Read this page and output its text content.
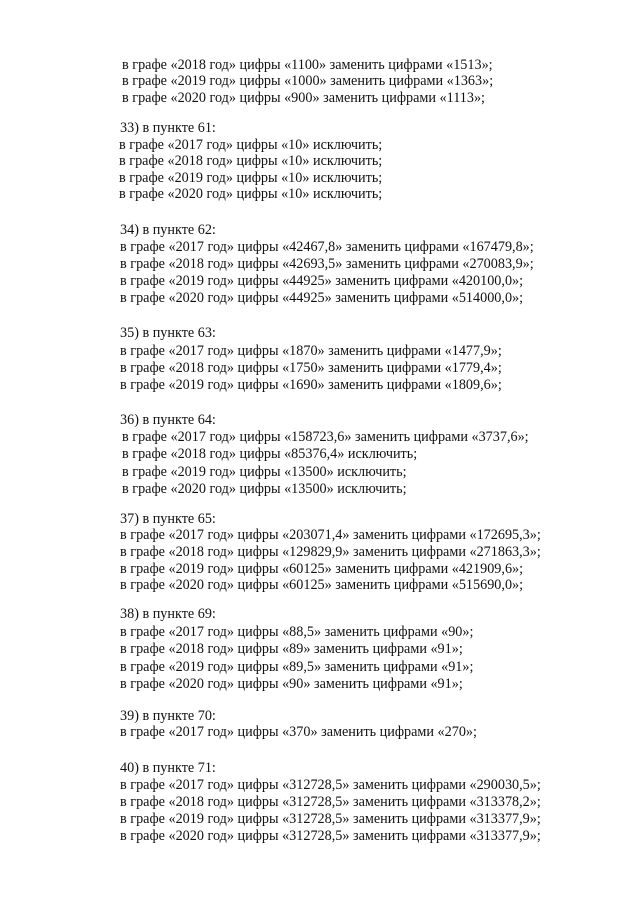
в графе «2018 год» цифры «1100» заменить цифрами «1513»;
в графе «2019 год» цифры «1000» заменить цифрами «1363»;
в графе «2020 год» цифры «900» заменить цифрами «1113»;
33) в пункте 61:
в графе «2017 год» цифры «10» исключить;
в графе «2018 год» цифры «10» исключить;
в графе «2019 год» цифры «10» исключить;
в графе «2020 год» цифры «10» исключить;
34) в пункте 62:
в графе «2017 год» цифры «42467,8» заменить цифрами «167479,8»;
в графе «2018 год» цифры «42693,5» заменить цифрами «270083,9»;
в графе «2019 год» цифры «44925» заменить цифрами «420100,0»;
в графе «2020 год» цифры «44925» заменить цифрами «514000,0»;
35) в пункте 63:
в графе «2017 год» цифры «1870» заменить цифрами «1477,9»;
в графе «2018 год» цифры «1750» заменить цифрами «1779,4»;
в графе «2019 год» цифры «1690» заменить цифрами «1809,6»;
36) в пункте 64:
в графе «2017 год» цифры «158723,6» заменить цифрами «3737,6»;
в графе «2018 год» цифры «85376,4» исключить;
в графе «2019 год» цифры «13500» исключить;
в графе «2020 год» цифры «13500» исключить;
37) в пункте 65:
в графе «2017 год» цифры «203071,4» заменить цифрами «172695,3»;
в графе «2018 год» цифры «129829,9» заменить цифрами «271863,3»;
в графе «2019 год» цифры «60125» заменить цифрами «421909,6»;
в графе «2020 год» цифры «60125» заменить цифрами «515690,0»;
38) в пункте 69:
в графе «2017 год» цифры «88,5» заменить цифрами «90»;
в графе «2018 год» цифры «89» заменить цифрами «91»;
в графе «2019 год» цифры «89,5» заменить цифрами «91»;
в графе «2020 год» цифры «90» заменить цифрами «91»;
39) в пункте 70:
в графе «2017 год» цифры «370» заменить цифрами «270»;
40) в пункте 71:
в графе «2017 год» цифры «312728,5» заменить цифрами «290030,5»;
в графе «2018 год» цифры «312728,5» заменить цифрами «313378,2»;
в графе «2019 год» цифры «312728,5» заменить цифрами «313377,9»;
в графе «2020 год» цифры «312728,5» заменить цифрами «313377,9»;
